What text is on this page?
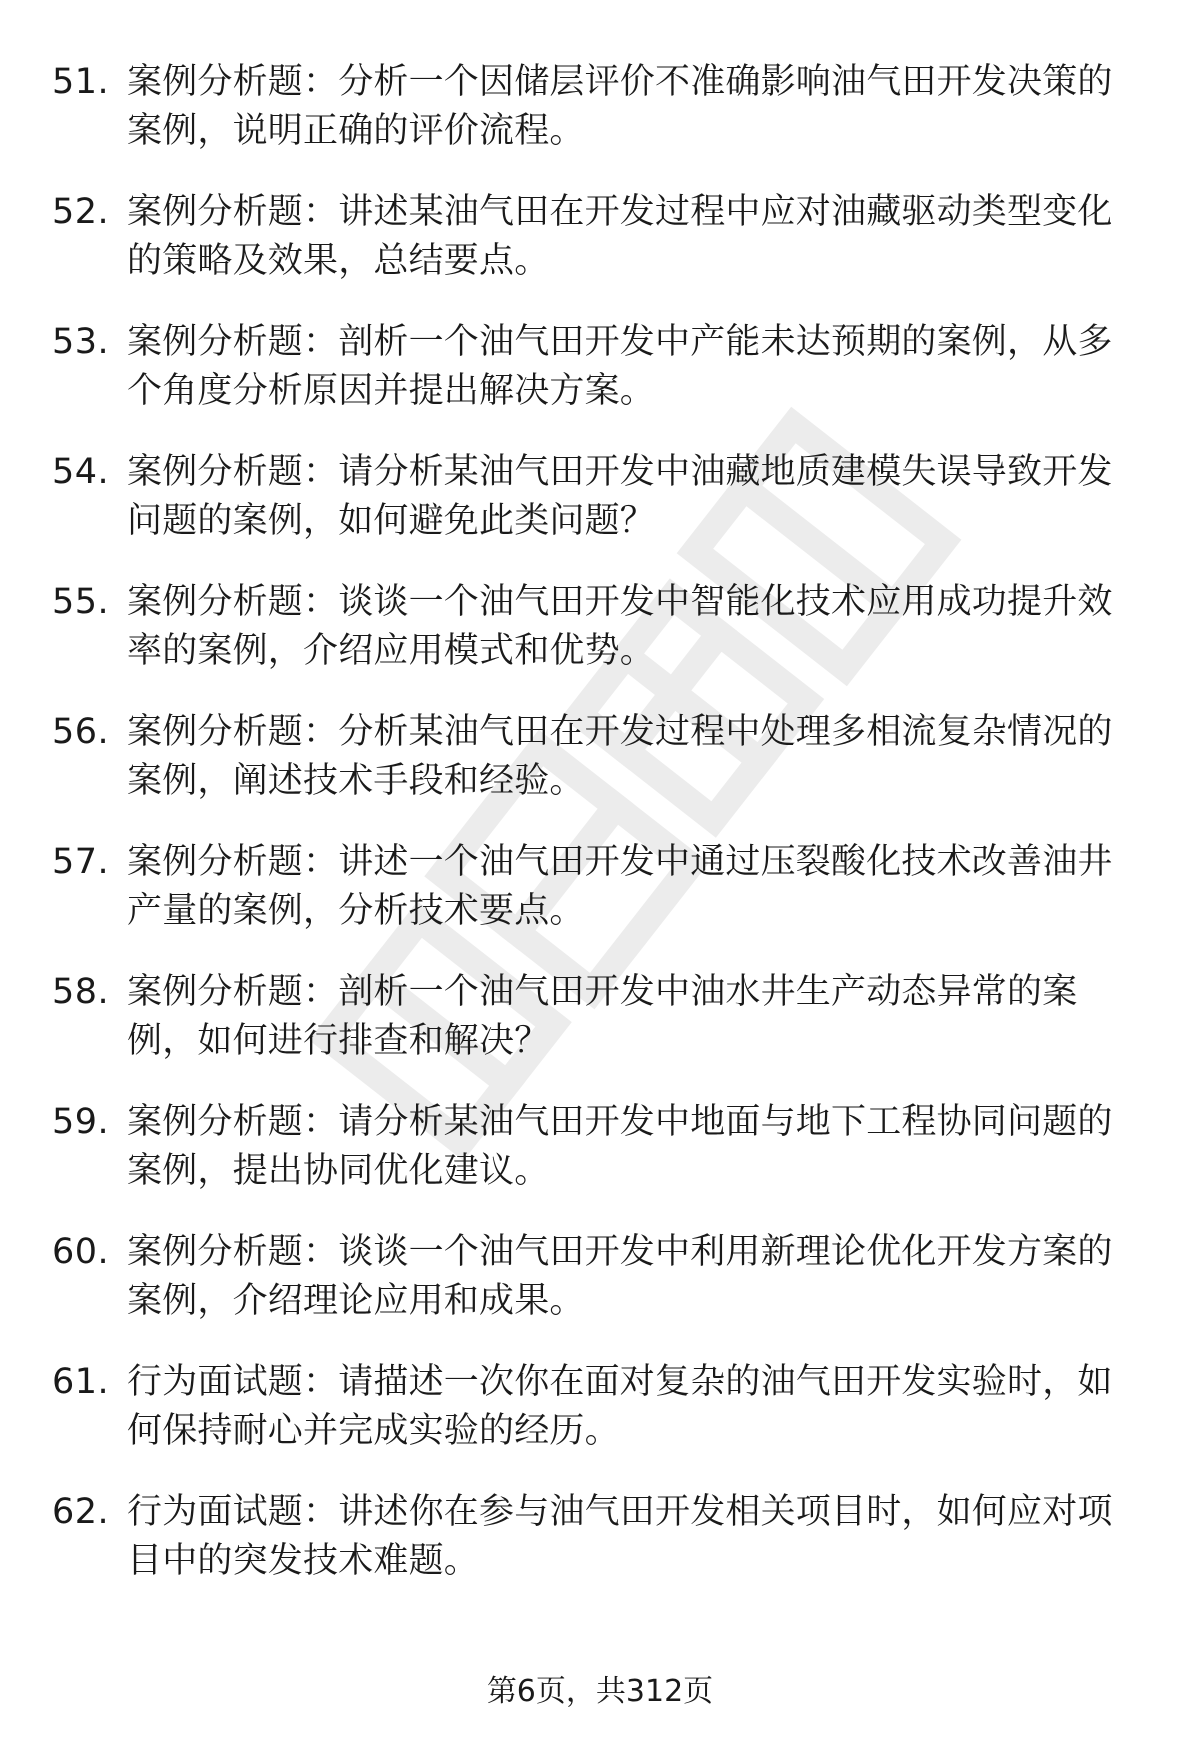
51. 案例分析题：分析一个因储层评价不准确影响油气田开发决策的案例，说明正确的评价流程。
52. 案例分析题：讲述某油气田在开发过程中应对油藏驱动类型变化的策略及效果，总结要点。
53. 案例分析题：剖析一个油气田开发中产能未达预期的案例，从多个角度分析原因并提出解决方案。
54. 案例分析题：请分析某油气田开发中油藏地质建模失误导致开发问题的案例，如何避免此类问题？
55. 案例分析题：谈谈一个油气田开发中智能化技术应用成功提升效率的案例，介绍应用模式和优势。
56. 案例分析题：分析某油气田在开发过程中处理多相流复杂情况的案例，阐述技术手段和经验。
57. 案例分析题：讲述一个油气田开发中通过压裂酸化技术改善油井产量的案例，分析技术要点。
58. 案例分析题：剖析一个油气田开发中油水井生产动态异常的案例，如何进行排查和解决？
59. 案例分析题：请分析某油气田开发中地面与地下工程协同问题的案例，提出协同优化建议。
60. 案例分析题：谈谈一个油气田开发中利用新理论优化开发方案的案例，介绍理论应用和成果。
61. 行为面试题：请描述一次你在面对复杂的油气田开发实验时，如何保持耐心并完成实验的经历。
62. 行为面试题：讲述你在参与油气田开发相关项目时，如何应对项目中的突发技术难题。
第6页，共312页
